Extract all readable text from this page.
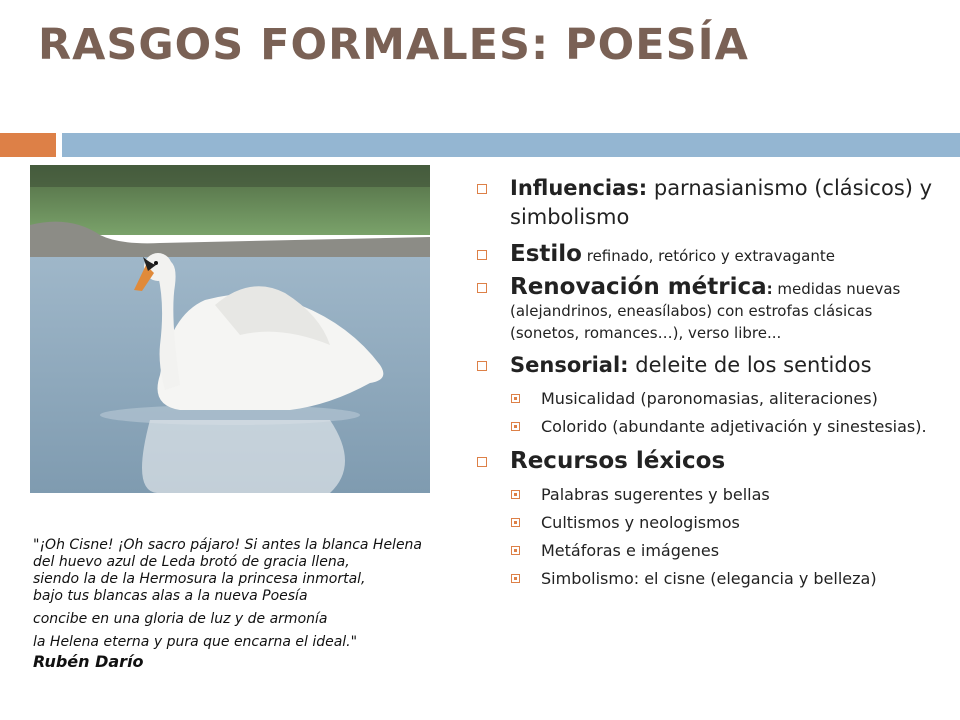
RASGOS FORMALES: POESÍA
"¡Oh Cisne! ¡Oh sacro pájaro! Si antes la blanca Helena
del huevo azul de Leda brotó de gracia llena,
siendo la de la Hermosura la princesa inmortal,
bajo tus blancas alas a la nueva Poesía
concibe en una gloria de luz y de armonía
la Helena eterna y pura que encarna el ideal."
Rubén Darío
Influencias: parnasianismo (clásicos) y simbolismo
Estilo refinado, retórico y extravagante
Renovación métrica: medidas nuevas (alejandrinos, eneasílabos) con estrofas clásicas (sonetos, romances…), verso libre...
Sensorial: deleite de los sentidos
Musicalidad (paronomasias, aliteraciones)
Colorido (abundante adjetivación y sinestesias).
Recursos léxicos
Palabras sugerentes y bellas
Cultismos y neologismos
Metáforas e imágenes
Simbolismo: el cisne (elegancia y belleza)
